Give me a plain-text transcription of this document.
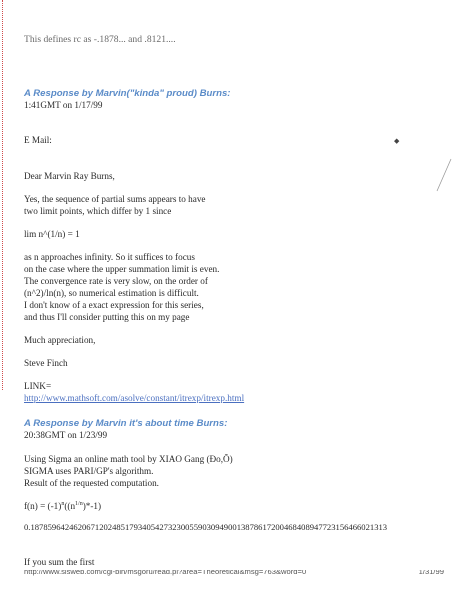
This defines rc as -.1878... and .8121....
A Response by Marvin("kinda" proud) Burns:
1:41GMT on 1/17/99
E Mail:
Dear Marvin Ray Burns,
Yes, the sequence of partial sums appears to have
two limit points, which differ by 1 since
lim n^(1/n) = 1
as n approaches infinity. So it suffices to focus
on the case where the upper summation limit is even.
The convergence rate is very slow, on the order of
(n^2)/ln(n), so numerical estimation is difficult.
I don't know of a exact expression for this series,
and thus I'll consider putting this on my page
Much appreciation,
Steve Finch
LINK=
http://www.mathsoft.com/asolve/constant/itrexp/itrexp.html
A Response by Marvin it's about time Burns:
20:38GMT on 1/23/99
Using Sigma an online math tool by XIAO Gang (Ðo,Õ)
SIGMA uses PARI/GP's algorithm.
Result of the requested computation.
$f(n) = (-1)^n((n^{1/n})*-1)$
0.18785964246206712024851793405427323005590309490013878617200468408947723156466021313
If you sum the first
◆
http://www.sisweb.com/cgi-bin/msgoru/read.pl?area=Theoretical&msg=763&word=0	1/31/99
